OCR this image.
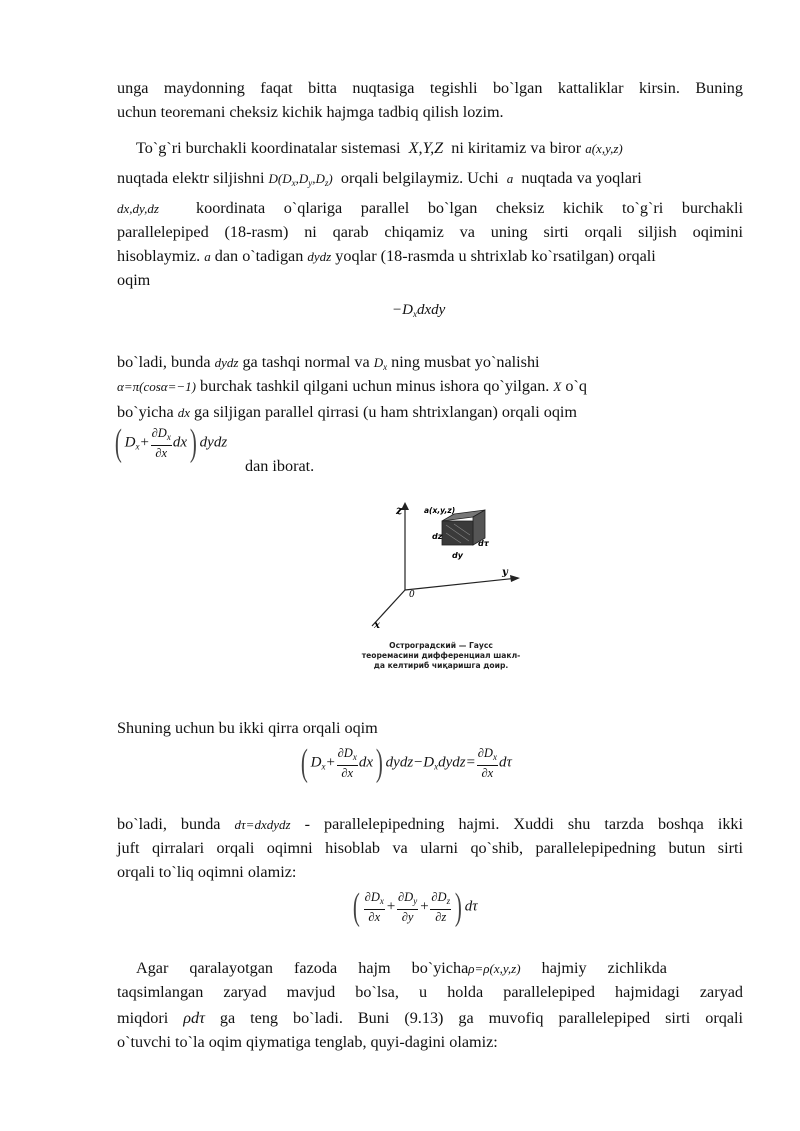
unga maydonning faqat bitta nuqtasiga tegishli bo`lgan kattaliklar kirsin. Buning

uchun teoremani cheksiz kichik hajmga tadbiq qilish lozim.

To`g`ri burchakli koordinatalar sistemasi X,Y,Z ni kiritamiz va biror a(x,y,z)

nuqtada elektr siljishni $D(D_x,D_y,D_z)$ orqali belgilaymiz. Uchi a nuqtada va yoqlari

dx,dy,dz koordinata o`qlariga parallel bo`lgan cheksiz kichik to`g`ri burchakli

parallelepiped (18-rasm) ni qarab chiqamiz va uning sirti orqali siljish oqimini

hisoblaymiz. a dan o`tadigan dydz yoqlar (18-rasmda u shtrixlab ko`rsatilgan) orqali

oqim

$-D_xdxdy$

bo`ladi, bunda dydz ga tashqi normal va $D_x$ ning musbat yo`nalishi

α=π(cosα=−1) burchak tashkil qilgani uchun minus ishora qo`yilgan. X o`q

bo`yicha dx ga siljigan parallel qirrasi (u ham shtrixlangan) orqali oqim

( $D_x+ \frac{\partial D_x}{\partial x} dx$) dydz

dan iborat.

z
y
x
0
a(x,y,z)
dz
dy
dτ
Остроградский — Гаусс
теоремасини дифференциал шакл-
да келтириб чиқаришга доир.

Shuning uchun bu ikki qirra orqali oqim

( $D_x+ \frac{\partial D_x}{\partial x} dx$) $dydz-D_xdydz= \frac{\partial D_x}{\partial x}$ dτ

bo`ladi, bunda dτ=dxdydz - parallelepipedning hajmi. Xuddi shu tarzda boshqa ikki

juft qirralari orqali oqimni hisoblab va ularni qo`shib, parallelepipedning butun sirti

orqali to`liq oqimni olamiz:

( $\frac{\partial D_x}{\partial x} + \frac{\partial D_y}{\partial y} + \frac{\partial D_z}{\partial z}$ ) dτ

Agar qaralayotgan fazoda hajm bo`yichaρ=ρ(x,y,z) hajmiy zichlikda

taqsimlangan zaryad mavjud bo`lsa, u holda parallelepiped hajmidagi zaryad

miqdori ρdτ ga teng bo`ladi. Buni (9.13) ga muvofiq parallelepiped sirti orqali

o`tuvchi to`la oqim qiymatiga tenglab, quyi-dagini olamiz:
